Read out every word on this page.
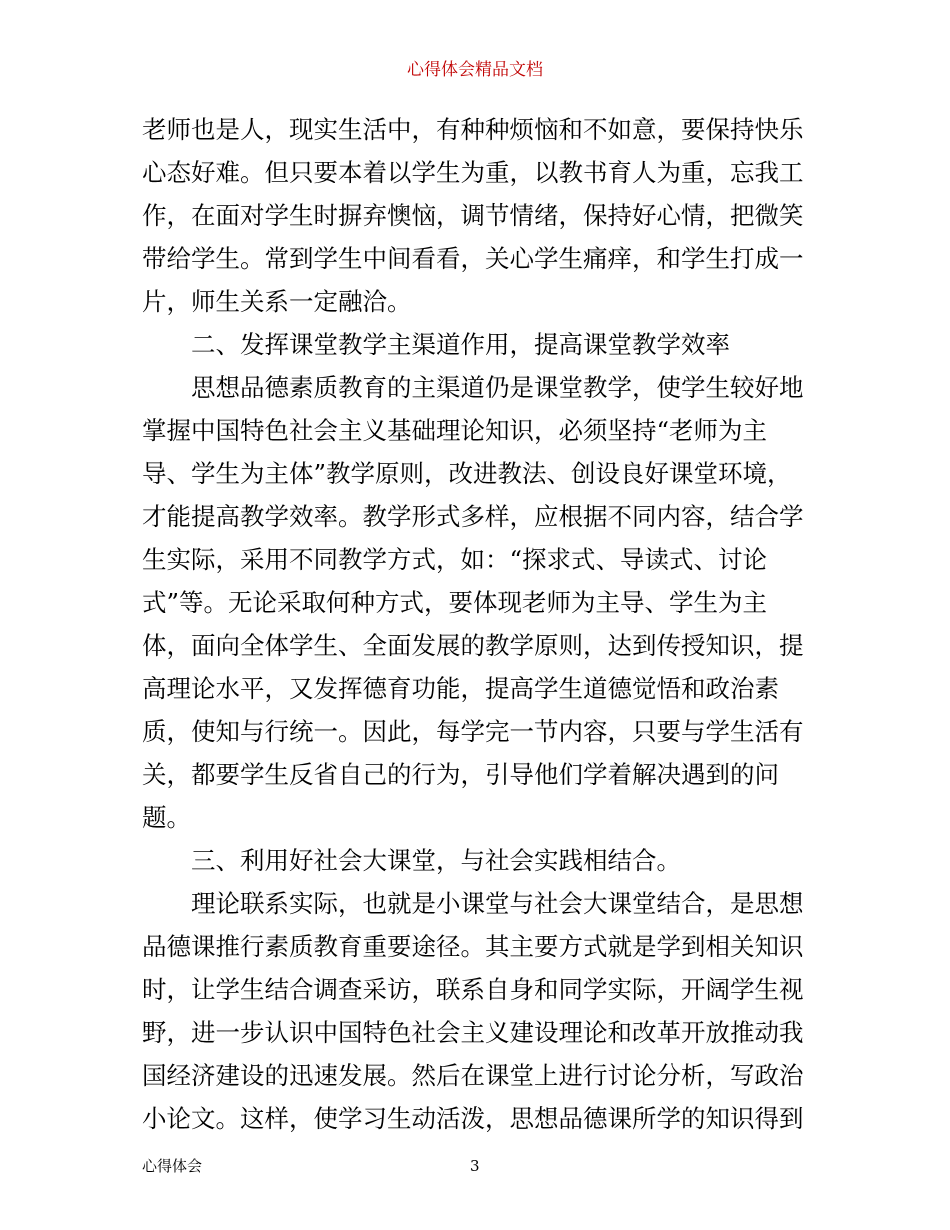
心得体会精品文档
老师也是人，现实生活中，有种种烦恼和不如意，要保持快乐
心态好难。但只要本着以学生为重，以教书育人为重，忘我工
作，在面对学生时摒弃懊恼，调节情绪，保持好心情，把微笑
带给学生。常到学生中间看看，关心学生痛痒，和学生打成一
片，师生关系一定融洽。
二、发挥课堂教学主渠道作用，提高课堂教学效率
思想品德素质教育的主渠道仍是课堂教学，使学生较好地
掌握中国特色社会主义基础理论知识，必须坚持“老师为主
导、学生为主体”教学原则，改进教法、创设良好课堂环境，
才能提高教学效率。教学形式多样，应根据不同内容，结合学
生实际，采用不同教学方式，如：“探求式、导读式、讨论
式”等。无论采取何种方式，要体现老师为主导、学生为主
体，面向全体学生、全面发展的教学原则，达到传授知识，提
高理论水平，又发挥德育功能，提高学生道德觉悟和政治素
质，使知与行统一。因此，每学完一节内容，只要与学生活有
关，都要学生反省自己的行为，引导他们学着解决遇到的问
题。
三、利用好社会大课堂，与社会实践相结合。
理论联系实际，也就是小课堂与社会大课堂结合，是思想
品德课推行素质教育重要途径。其主要方式就是学到相关知识
时，让学生结合调查采访，联系自身和同学实际，开阔学生视
野，进一步认识中国特色社会主义建设理论和改革开放推动我
国经济建设的迅速发展。然后在课堂上进行讨论分析，写政治
小论文。这样，使学习生动活泼，思想品德课所学的知识得到
心得体会	3
